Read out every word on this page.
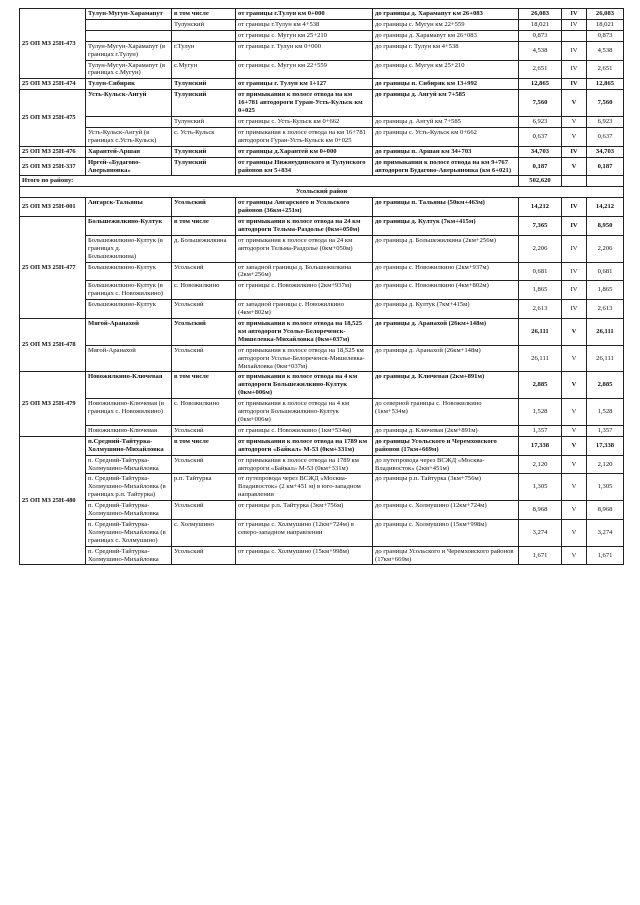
25 ОП МЗ 25Н-473	Тулун-Мугун-Харамаnут	в том числе	от границы г.Тулун км 0+000	до границы д. Харамаnут км 26+083	26,083	IV	26,083
		Тулунский	от границы г.Тулун км 4+538	до границы с. Мугун км 22+559	18,021	IV	18,021
			от границы с. Мугун км 25+210	до границы д. Харамаnут км 26+083	0,873		0,873
	Тулун-Мугун-Харамаnут (в границах г.Тулун)	г.Тулун	от границы г. Тулун км 0+000	до границы г. Тулун км 4+538	4,538	IV	4,538
	Тулун-Мугун-Харамаnут (в границах с.Мугун)	с.Мугун	от границы с. Мугун км 22+559	до границы с. Мугун км 25+210	2,651	IV	2,651
25 ОП МЗ 25Н-474	Тулун-Сибиряк	Тулунский	от границы г. Тулун км 1+127	до границы п. Сибиряк км 13+992	12,865	IV	12,865
25 ОП МЗ 25Н-475	Усть-Кульск-Ангуй	Тулунский	от примыкания к полосе отвода на км 16+781 автодороги Гуран-Усть-Кульск км 0+025	до границы д. Ангуй км 7+585	7,560	V	7,560
		Тулунский	от границы с. Усть-Кульск км 0+662	до границы д. Ангуй км 7+585	6,923	V	6,923
	Усть-Кульск-Ангуй (в границах с.Усть-Кульск)	с. Усть-Кульск	от примыкания к полосе отвода на км 16+781 автодороги Гуран-Усть-Кульск км 0+025	до границы с. Усть-Кульск км 0+662	0,637	V	0,637
25 ОП МЗ 25Н-476	Харантей-Аршан	Тулунский	от границы д.Харантей км 0+000	до границы п. Аршан км 34+703	34,703	IV	34,703
25 ОП МЗ 25Н-337	Иргей-«Будагово-Аверьяновка»	Тулунский	от границы Нижнеудинского и Тулунского районов км 5+834	до примыкания к полосе отвода на км 9+767 автодороги Будагово-Аверьяновка (км 6+021)	0,187	V	0,187
Итого по району:					502,620		
Усольский район							
25 ОП МЗ 25Н-001	Ангарск-Тальяны	Усольский	от границы Ангарского и Усольского районов (36км+251м)	до границы п. Тальяны (50км+463м)	14,212	IV	14,212
25 ОП МЗ 25Н-477	Большежилкино-Култук	в том числе	от примыкания к полосе отвода на 24 км автодороги Тельма-Раздолье (0км+050м)	до границы д. Култук (7км+415м)	7,365	IV	8,950
	Большежилкино-Култук (в границах д. Большежилкина)	д. Большежилкина	от примыкания к полосе отвода на 24 км автодороги Тельма-Раздолье (0км+050м)	до границы д. Большежилкина (2км+256м)	2,206	IV	2,206
	Большежилкино-Култук	Усольский	от западной границы д. Большежилкина (2км+256м)	до границы с. Новожилкино (2км+937м)	0,681	IV	0,681
	Большежилкино-Култук (в границах с. Новожилкино)	с. Новожилкино	от границы с. Новожилкино (2км+937м)	до границы с. Новожилкино (4км+802м)	1,865	IV	1,865
	Большежилкино-Култук	Усольский	от западной границы с. Новожилкино (4км+802м)	до границы д. Култук (7км+415м)	2,613	IV	2,613
25 ОП МЗ 25Н-478	Мягой-Аранахой	Усольский	от примыкания к полосе отвода на 18,525 км автодороги Усолье-Белореченск-Мишелевка-Михайловка (0км+037м)	до границы д. Аранахой (26км+148м)	26,111	V	26,111
	Мягой-Аранахой	Усольский	от примыкания к полосе отвода на 18,525 км автодороги Усолье-Белореченск-Мишелевка-Михайловка (0км+037м)	до границы д. Аранахой (26км+148м)	26,111	V	26,111
25 ОП МЗ 25Н-479	Новожилкино-Ключевая	в том числе	от примыкания к полосе отвода на 4 км автодороги Большежилкино-Култук (0км+006м)	до границы д. Ключевая (2км+891м)	2,885	V	2,885
	Новожилкино-Ключевая (в границах с. Новожилкино)	с. Новожилкино	от примыкания к полосе отвода на 4 км автодороги Большежилкино-Култук (0км+006м)	до северной границы с. Новожилкино (1км+534м)	1,528	V	1,528
	Новожилкино-Ключевая	Усольский	от границы с. Новожилкино (1км+534м)	до границы д. Ключевая (2км+891м)	1,357	V	1,357
25 ОП МЗ 25Н-480	п.Средний-Тайтурка-Холмушино-Михайловка	в том числе	от примыкания к полосе отвода на 1789 км автодороги «Байкал» М-53 (0км+331м)	до границы Усольского и Черемховского районов (17км+669м)	17,338	V	17,338
	п. Средний-Тайтурка-Холмушино-Михайловка	Усольский	от примыкания к полосе отвода на 1789 км автодороги «Байкал» М-53 (0км+331м)	до путепровода через ВСЖД «Москва-Владивосток» (2км+451м)	2,120	V	2,120
	п. Средний-Тайтурка-Холмушино-Михайловка (в границах р.п. Тайтурка)	р.п. Тайтурка	от путепровода через ВСЖД «Москва-Владивосток» (2 км+451 м) в юго-западном направлении	до границы р.п. Тайтурка (3км+756м)	1,305	V	1,305
	п. Средний-Тайтурка-Холмушино-Михайловка	Усольский	от границы р.п. Тайтурка (3км+756м)	до границы с. Холмушино (12км+724м)	8,968	V	8,968
	п. Средний-Тайтурка-Холмушино-Михайловка (в границах с. Холмушино)	с. Холмушино	от границы с. Холмушино (12км+724м) в северо-западном направлении	до границы с. Холмушино (15км+998м)	3,274	V	3,274
	п. Средний-Тайтурка-Холмушино-Михайловка	Усольский	от границы с. Холмушино (15км+998м)	до границы Усольского и Черемховского районов (17км+669м)	1,671	V	1,671
